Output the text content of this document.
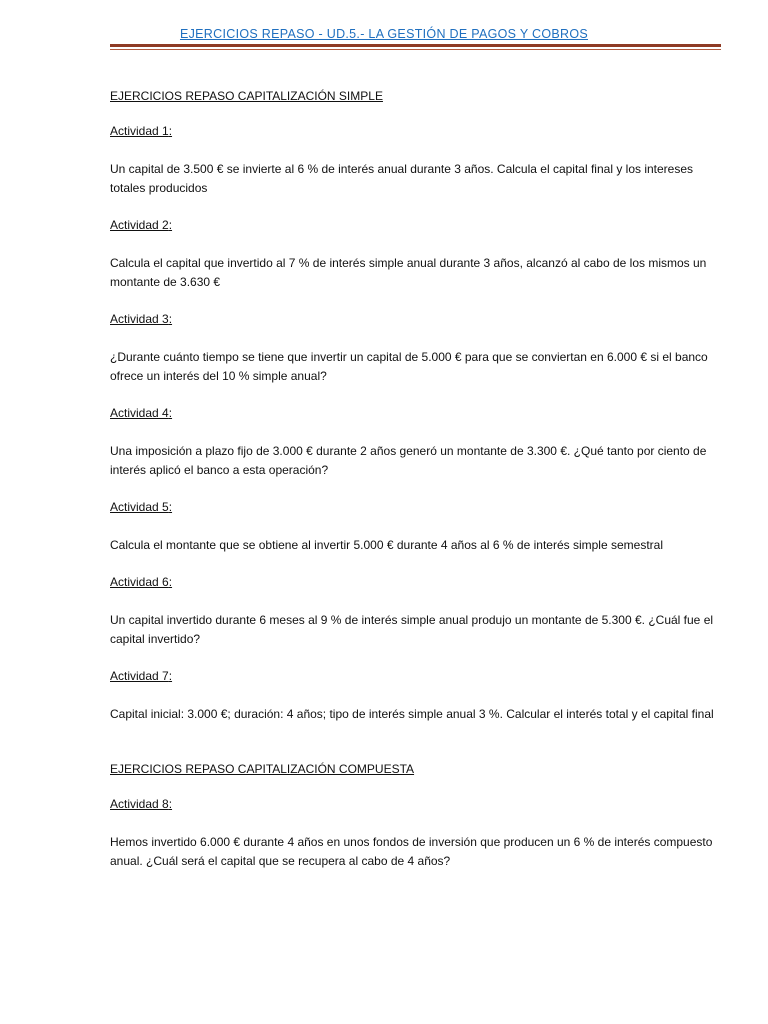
EJERCICIOS REPASO - UD.5.- LA GESTIÓN DE PAGOS Y COBROS
EJERCICIOS REPASO CAPITALIZACIÓN SIMPLE
Actividad 1:
Un capital de 3.500 € se invierte al 6 % de interés anual durante 3 años. Calcula el capital final y los intereses totales producidos
Actividad 2:
Calcula el capital que invertido al 7 % de interés simple anual durante 3 años, alcanzó al cabo de los mismos un montante de 3.630 €
Actividad 3:
¿Durante cuánto tiempo se tiene que invertir un capital de 5.000 € para que se conviertan en 6.000 € si el banco ofrece un interés del 10 % simple anual?
Actividad 4:
Una imposición a plazo fijo de 3.000 € durante 2 años generó un montante de 3.300 €. ¿Qué tanto por ciento de interés aplicó el banco a esta operación?
Actividad 5:
Calcula el montante que se obtiene al invertir 5.000 € durante 4 años al 6 % de interés simple semestral
Actividad 6:
Un capital invertido durante 6 meses al 9 % de interés simple anual produjo un montante de 5.300 €. ¿Cuál fue el capital invertido?
Actividad 7:
Capital inicial: 3.000 €; duración: 4 años; tipo de interés simple anual 3 %. Calcular el interés total y el capital final
EJERCICIOS REPASO CAPITALIZACIÓN COMPUESTA
Actividad 8:
Hemos invertido 6.000 € durante 4 años en unos fondos de inversión que producen un 6 % de interés compuesto anual. ¿Cuál será el capital que se recupera al cabo de 4 años?
